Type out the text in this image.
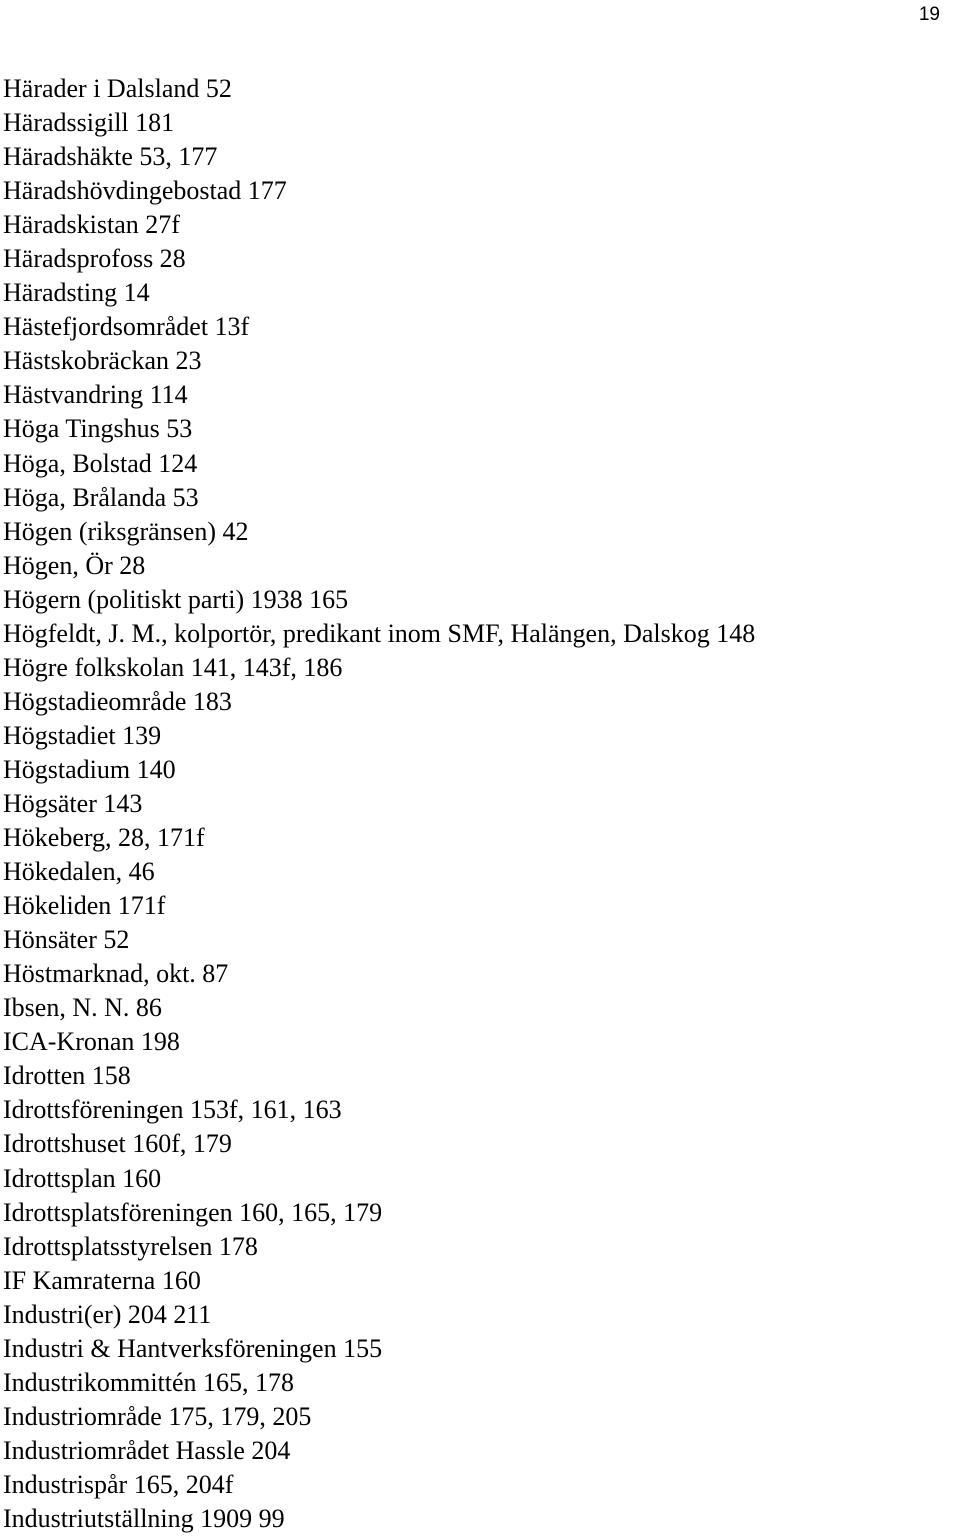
19
Härader i Dalsland 52
Häradssigill 181
Häradshäkte 53, 177
Häradshövdingebostad 177
Häradskistan 27f
Häradsprofoss 28
Häradsting 14
Hästefjordsområdet 13f
Hästskobräckan 23
Hästvandring 114
Höga Tingshus 53
Höga, Bolstad 124
Höga, Brålanda 53
Högen (riksgränsen) 42
Högen, Ör 28
Högern (politiskt parti) 1938 165
Högfeldt, J. M., kolportör, predikant inom SMF, Halängen, Dalskog 148
Högre folkskolan 141, 143f, 186
Högstadieområde 183
Högstadiet 139
Högstadium 140
Högsäter 143
Hökeberg, 28, 171f
Hökedalen, 46
Hökeliden 171f
Hönsäter 52
Höstmarknad, okt. 87
Ibsen, N. N. 86
ICA-Kronan 198
Idrotten 158
Idrottsföreningen 153f, 161, 163
Idrottshuset 160f, 179
Idrottsplan 160
Idrottsplatsföreningen 160, 165, 179
Idrottsplatsstyrelsen 178
IF Kamraterna 160
Industri(er) 204 211
Industri & Hantverksföreningen 155
Industrikommittén 165, 178
Industriområde 175, 179, 205
Industriområdet Hassle 204
Industrispår 165, 204f
Industriutställning 1909 99
